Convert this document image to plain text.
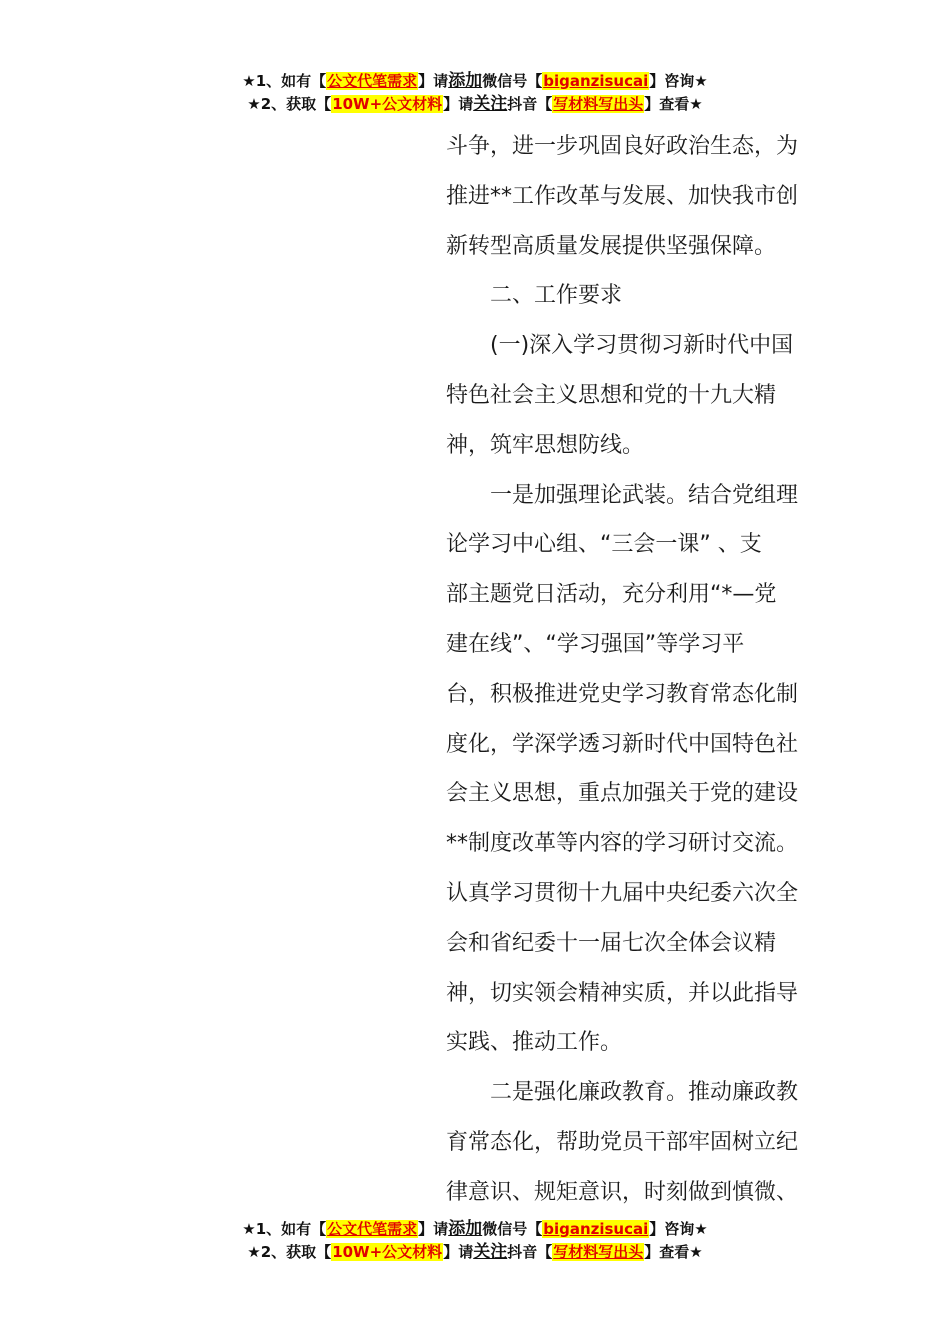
★1、如有【公文代笔需求】请添加微信号【biganzisucai】咨询★
★2、获取【10W+公文材料】请关注抖音【写材料写出头】查看★

斗争，进一步巩固良好政治生态，为
推进**工作改革与发展、加快我市创
新转型高质量发展提供坚强保障。

二、工作要求

(一)深入学习贯彻习新时代中国
特色社会主义思想和党的十九大精
神，筑牢思想防线。

一是加强理论武装。结合党组理
论学习中心组、“三会一课” 、支
部主题党日活动，充分利用“*—党
建在线”、“学习强国”等学习平
台，积极推进党史学习教育常态化制
度化，学深学透习新时代中国特色社
会主义思想，重点加强关于党的建设
**制度改革等内容的学习研讨交流。
认真学习贯彻十九届中央纪委六次全
会和省纪委十一届七次全体会议精
神，切实领会精神实质，并以此指导
实践、推动工作。

二是强化廉政教育。推动廉政教
育常态化，帮助党员干部牢固树立纪
律意识、规矩意识，时刻做到慎微、

★1、如有【公文代笔需求】请添加微信号【biganzisucai】咨询★
★2、获取【10W+公文材料】请关注抖音【写材料写出头】查看★
